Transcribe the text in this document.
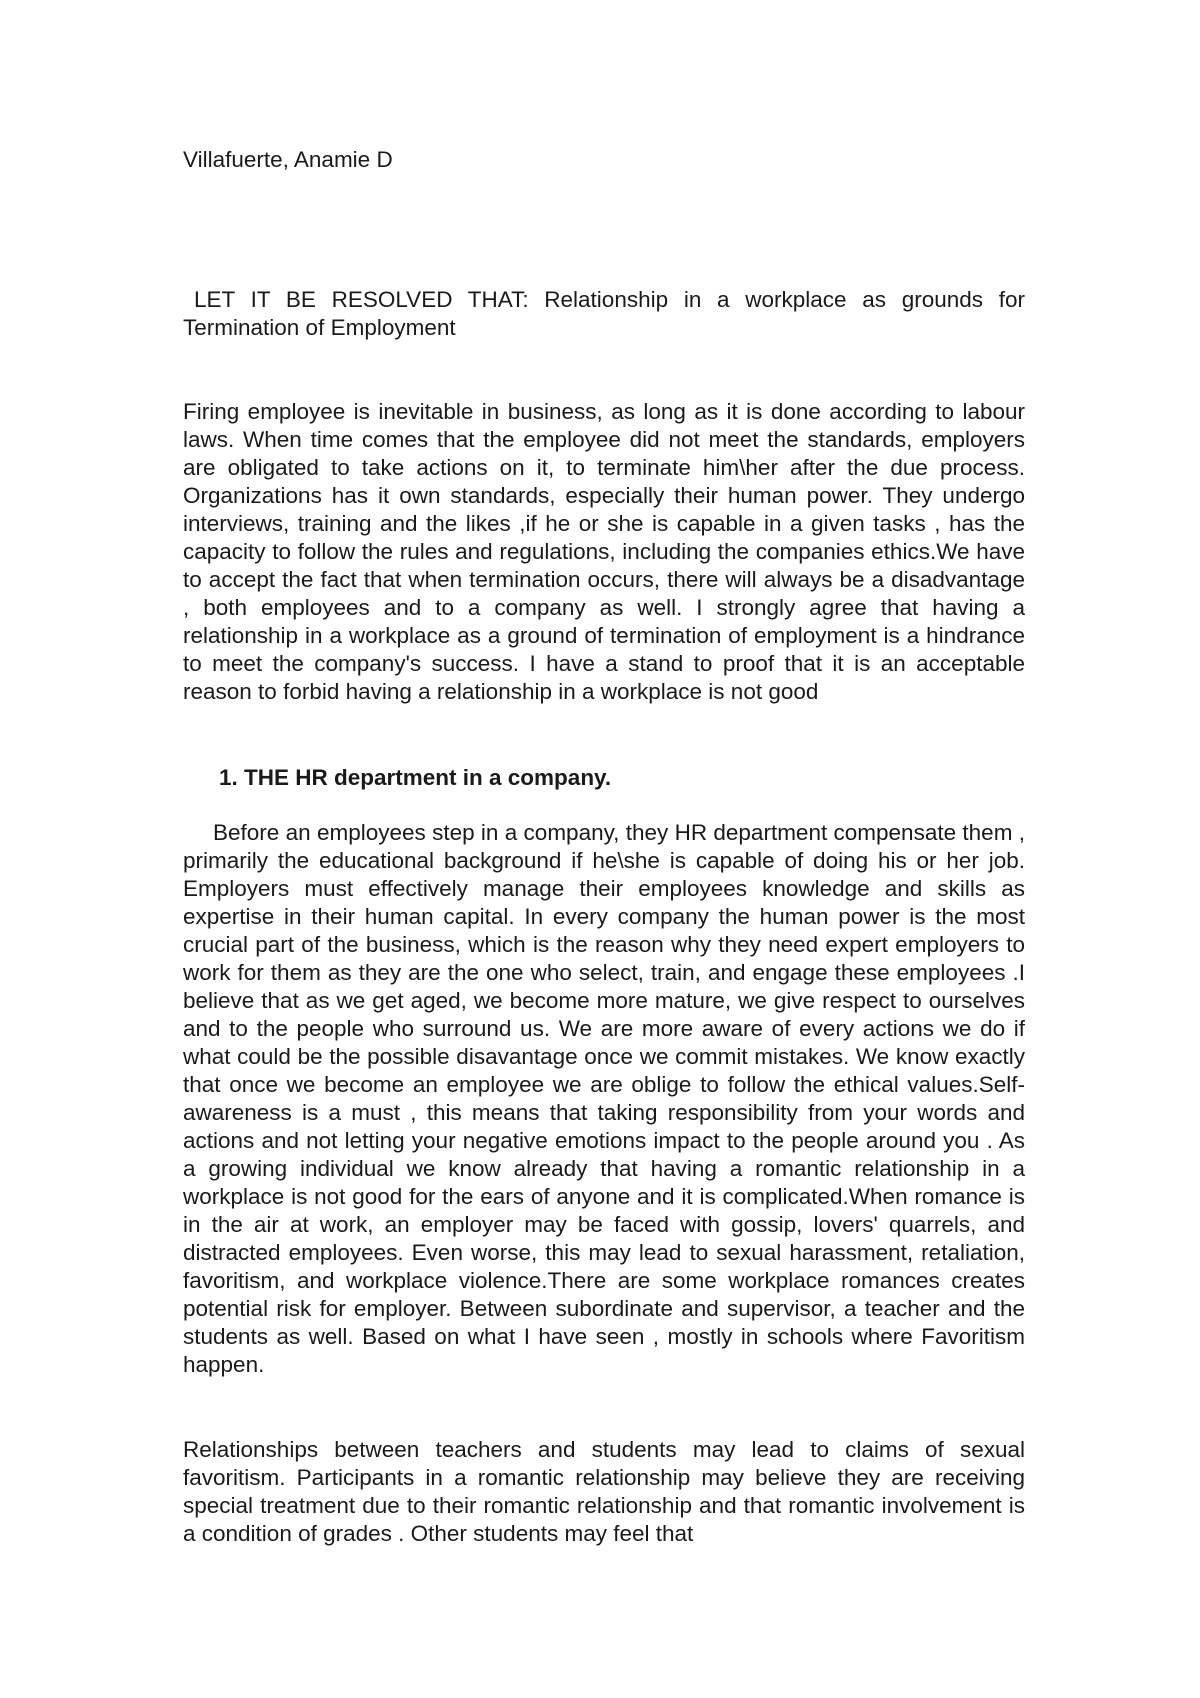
Villafuerte, Anamie D

LET IT BE RESOLVED THAT: Relationship in a workplace as grounds for Termination of Employment

Firing employee is inevitable in business, as long as it is done according to labour laws. When time comes that the employee did not meet the standards, employers are obligated to take actions on it, to terminate him\her after the due process. Organizations has it own standards, especially their human power. They undergo interviews, training and the likes ,if he or she is capable in a given tasks , has the capacity to follow the rules and regulations, including the companies ethics.We have to accept the fact that when termination occurs, there will always be a disadvantage , both employees and to a company as well. I strongly agree that having a relationship in a workplace as a ground of termination of employment is a hindrance to meet the company's success. I have a stand to proof that it is an acceptable reason to forbid having a relationship in a workplace is not good

1. THE HR department in a company.

Before an employees step in a company, they HR department compensate them , primarily the educational background if he\she is capable of doing his or her job. Employers must effectively manage their employees knowledge and skills as expertise in their human capital. In every company the human power is the most crucial part of the business, which is the reason why they need expert employers to work for them as they are the one who select, train, and engage these employees .I believe that as we get aged, we become more mature, we give respect to ourselves and to the people who surround us. We are more aware of every actions we do if what could be the possible disavantage once we commit mistakes. We know exactly that once we become an employee we are oblige to follow the ethical values.Self-awareness is a must , this means that taking responsibility from your words and actions and not letting your negative emotions impact to the people around you . As a growing individual we know already that having a romantic relationship in a workplace is not good for the ears of anyone and it is complicated.When romance is in the air at work, an employer may be faced with gossip, lovers' quarrels, and distracted employees. Even worse, this may lead to sexual harassment, retaliation, favoritism, and workplace violence.There are some workplace romances creates potential risk for employer. Between subordinate and supervisor, a teacher and the students as well. Based on what I have seen , mostly in schools where Favoritism happen.

Relationships between teachers and students may lead to claims of sexual favoritism. Participants in a romantic relationship may believe they are receiving special treatment due to their romantic relationship and that romantic involvement is a condition of grades . Other students may feel that
